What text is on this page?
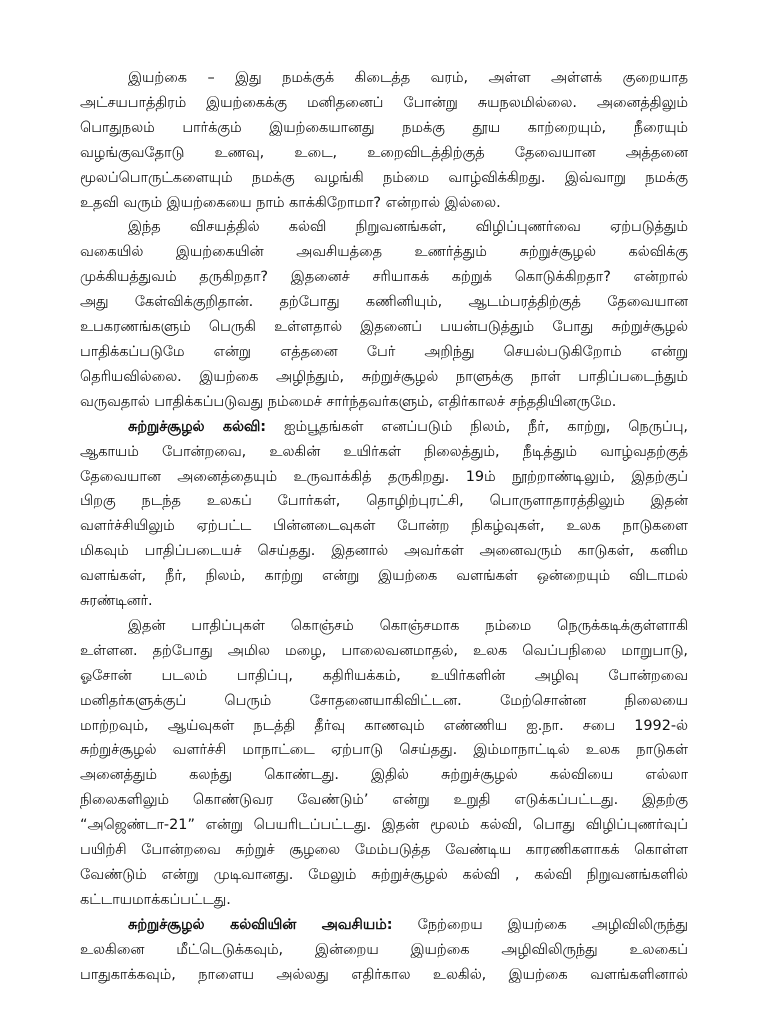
இயற்கை – இது நமக்குக் கிடைத்த வரம், அள்ள அள்ளக் குறையாத
அட்சயபாத்திரம் இயற்கைக்கு மனிதனைப் போன்று சுயநலமில்லை. அனைத்திலும்
பொதுநலம் பார்க்கும் இயற்கையானது நமக்கு தூய காற்றையும், நீரையும்
வழங்குவதோடு உணவு, உடை, உறைவிடத்திற்குத் தேவையான அத்தனை
மூலப்பொருட்களையும் நமக்கு வழங்கி நம்மை வாழ்விக்கிறது. இவ்வாறு நமக்கு
உதவி வரும் இயற்கையை நாம் காக்கிறோமா? என்றால் இல்லை.
இந்த விசயத்தில் கல்வி நிறுவனங்கள், விழிப்புணர்வை ஏற்படுத்தும்
வகையில் இயற்கையின் அவசியத்தை உணர்த்தும் சுற்றுச்சூழல் கல்விக்கு
முக்கியத்துவம் தருகிறதா? இதனைச் சரியாகக் கற்றுக் கொடுக்கிறதா? என்றால்
அது கேள்விக்குறிதான். தற்போது கணினியும், ஆடம்பரத்திற்குத் தேவையான
உபகரணங்களும் பெருகி உள்ளதால் இதனைப் பயன்படுத்தும் போது சுற்றுச்சூழல்
பாதிக்கப்படுமே என்று எத்தனை பேர் அறிந்து செயல்படுகிறோம் என்று
தெரியவில்லை. இயற்கை அழிந்தும், சுற்றுச்சூழல் நாளுக்கு நாள் பாதிப்படைந்தும்
வருவதால் பாதிக்கப்படுவது நம்மைச் சார்ந்தவர்களும், எதிர்காலச் சந்ததியினருமே.
சுற்றுச்சூழல் கல்வி: ஐம்பூதங்கள் எனப்படும் நிலம், நீர், காற்று, நெருப்பு,
ஆகாயம் போன்றவை, உலகின் உயிர்கள் நிலைத்தும், நீடித்தும் வாழ்வதற்குத்
தேவையான அனைத்தையும் உருவாக்கித் தருகிறது. 19ம் நூற்றாண்டிலும், இதற்குப்
பிறகு நடந்த உலகப் போர்கள், தொழிற்புரட்சி, பொருளாதாரத்திலும் இதன்
வளர்ச்சியிலும் ஏற்பட்ட பின்னடைவுகள் போன்ற நிகழ்வுகள், உலக நாடுகளை
மிகவும் பாதிப்படையச் செய்தது. இதனால் அவர்கள் அனைவரும் காடுகள், கனிம
வளங்கள், நீர், நிலம், காற்று என்று இயற்கை வளங்கள் ஒன்றையும் விடாமல்
சுரண்டினர்.
இதன் பாதிப்புகள் கொஞ்சம் கொஞ்சமாக நம்மை நெருக்கடிக்குள்ளாகி
உள்ளன. தற்போது அமில மழை, பாலைவனமாதல், உலக வெப்பநிலை மாறுபாடு,
ஓசோன் படலம் பாதிப்பு, கதிரியக்கம், உயிர்களின் அழிவு போன்றவை
மனிதர்களுக்குப் பெரும் சோதனையாகிவிட்டன. மேற்சொன்ன நிலையை
மாற்றவும், ஆய்வுகள் நடத்தி தீர்வு காணவும் எண்ணிய ஐ.நா. சபை 1992-ல்
சுற்றுச்சூழல் வளர்ச்சி மாநாட்டை ஏற்பாடு செய்தது. இம்மாநாட்டில் உலக நாடுகள்
அனைத்தும் கலந்து கொண்டது. இதில் சுற்றுச்சூழல் கல்வியை எல்லா
நிலைகளிலும் கொண்டுவர வேண்டும்’ என்று உறுதி எடுக்கப்பட்டது. இதற்கு
“அஜெண்டா-21” என்று பெயரிடப்பட்டது. இதன் மூலம் கல்வி, பொது விழிப்புணர்வுப்
பயிற்சி போன்றவை சுற்றுச் சூழலை மேம்படுத்த வேண்டிய காரணிகளாகக் கொள்ள
வேண்டும் என்று முடிவானது. மேலும் சுற்றுச்சூழல் கல்வி , கல்வி நிறுவனங்களில்
கட்டாயமாக்கப்பட்டது.
சுற்றுச்சூழல் கல்வியின் அவசியம்: நேற்றைய இயற்கை அழிவிலிருந்து
உலகினை மீட்டெடுக்கவும், இன்றைய இயற்கை அழிவிலிருந்து உலகைப்
பாதுகாக்கவும், நாளைய அல்லது எதிர்கால உலகில், இயற்கை வளங்களினால்
